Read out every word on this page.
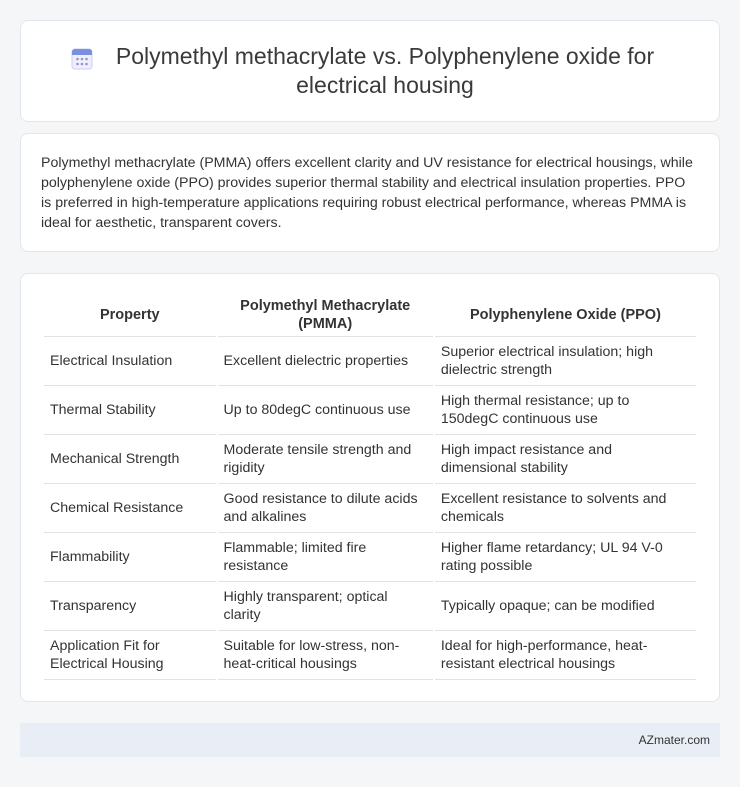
Polymethyl methacrylate vs. Polyphenylene oxide for electrical housing

Polymethyl methacrylate (PMMA) offers excellent clarity and UV resistance for electrical housings, while polyphenylene oxide (PPO) provides superior thermal stability and electrical insulation properties. PPO is preferred in high-temperature applications requiring robust electrical performance, whereas PMMA is ideal for aesthetic, transparent covers.

Property	Polymethyl Methacrylate (PMMA)	Polyphenylene Oxide (PPO)
Electrical Insulation	Excellent dielectric properties	Superior electrical insulation; high dielectric strength
Thermal Stability	Up to 80degC continuous use	High thermal resistance; up to 150degC continuous use
Mechanical Strength	Moderate tensile strength and rigidity	High impact resistance and dimensional stability
Chemical Resistance	Good resistance to dilute acids and alkalines	Excellent resistance to solvents and chemicals
Flammability	Flammable; limited fire resistance	Higher flame retardancy; UL 94 V-0 rating possible
Transparency	Highly transparent; optical clarity	Typically opaque; can be modified
Application Fit for Electrical Housing	Suitable for low-stress, non-heat-critical housings	Ideal for high-performance, heat-resistant electrical housings
AZmater.com
